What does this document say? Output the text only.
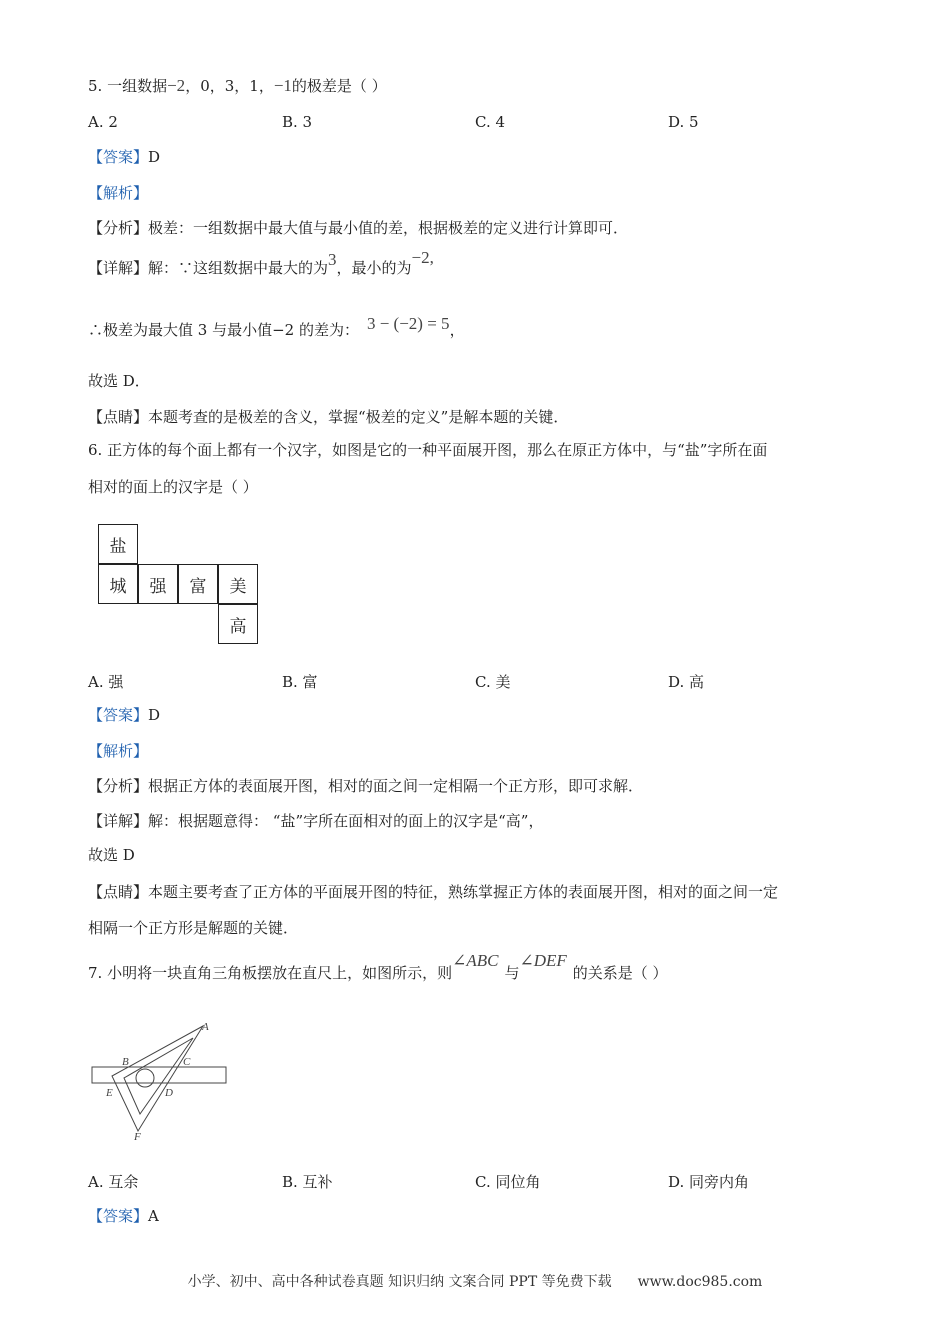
5. 一组数据−2，0，3，1，−1的极差是（ ）
A. 2	B. 3	C. 4	D. 5
【答案】D
【解析】
【分析】极差：一组数据中最大值与最小值的差，根据极差的定义进行计算即可．
【详解】解：∵这组数据中最大的为3，最小的为−2,
∴极差为最大值 3 与最小值−2 的差为： 3 − (−2) = 5，
故选 D．
【点睛】本题考查的是极差的含义，掌握“极差的定义”是解本题的关键．
6. 正方体的每个面上都有一个汉字，如图是它的一种平面展开图，那么在原正方体中，与“盐”字所在面
相对的面上的汉字是（ ）
盐
城	强	富	美
高
A. 强	B. 富	C. 美	D. 高
【答案】D
【解析】
【分析】根据正方体的表面展开图，相对的面之间一定相隔一个正方形，即可求解．
【详解】解：根据题意得： “盐”字所在面相对的面上的汉字是“高”，
故选 D
【点睛】本题主要考查了正方体的平面展开图的特征，熟练掌握正方体的表面展开图，相对的面之间一定
相隔一个正方形是解题的关键．
7. 小明将一块直角三角板摆放在直尺上，如图所示，则∠ABC与∠DEF的关系是（ ）
A
B	C
D
E
F
A. 互余	B. 互补	C. 同位角	D. 同旁内角
【答案】A
小学、初中、高中各种试卷真题 知识归纳 文案合同 PPT 等免费下载 www.doc985.com
